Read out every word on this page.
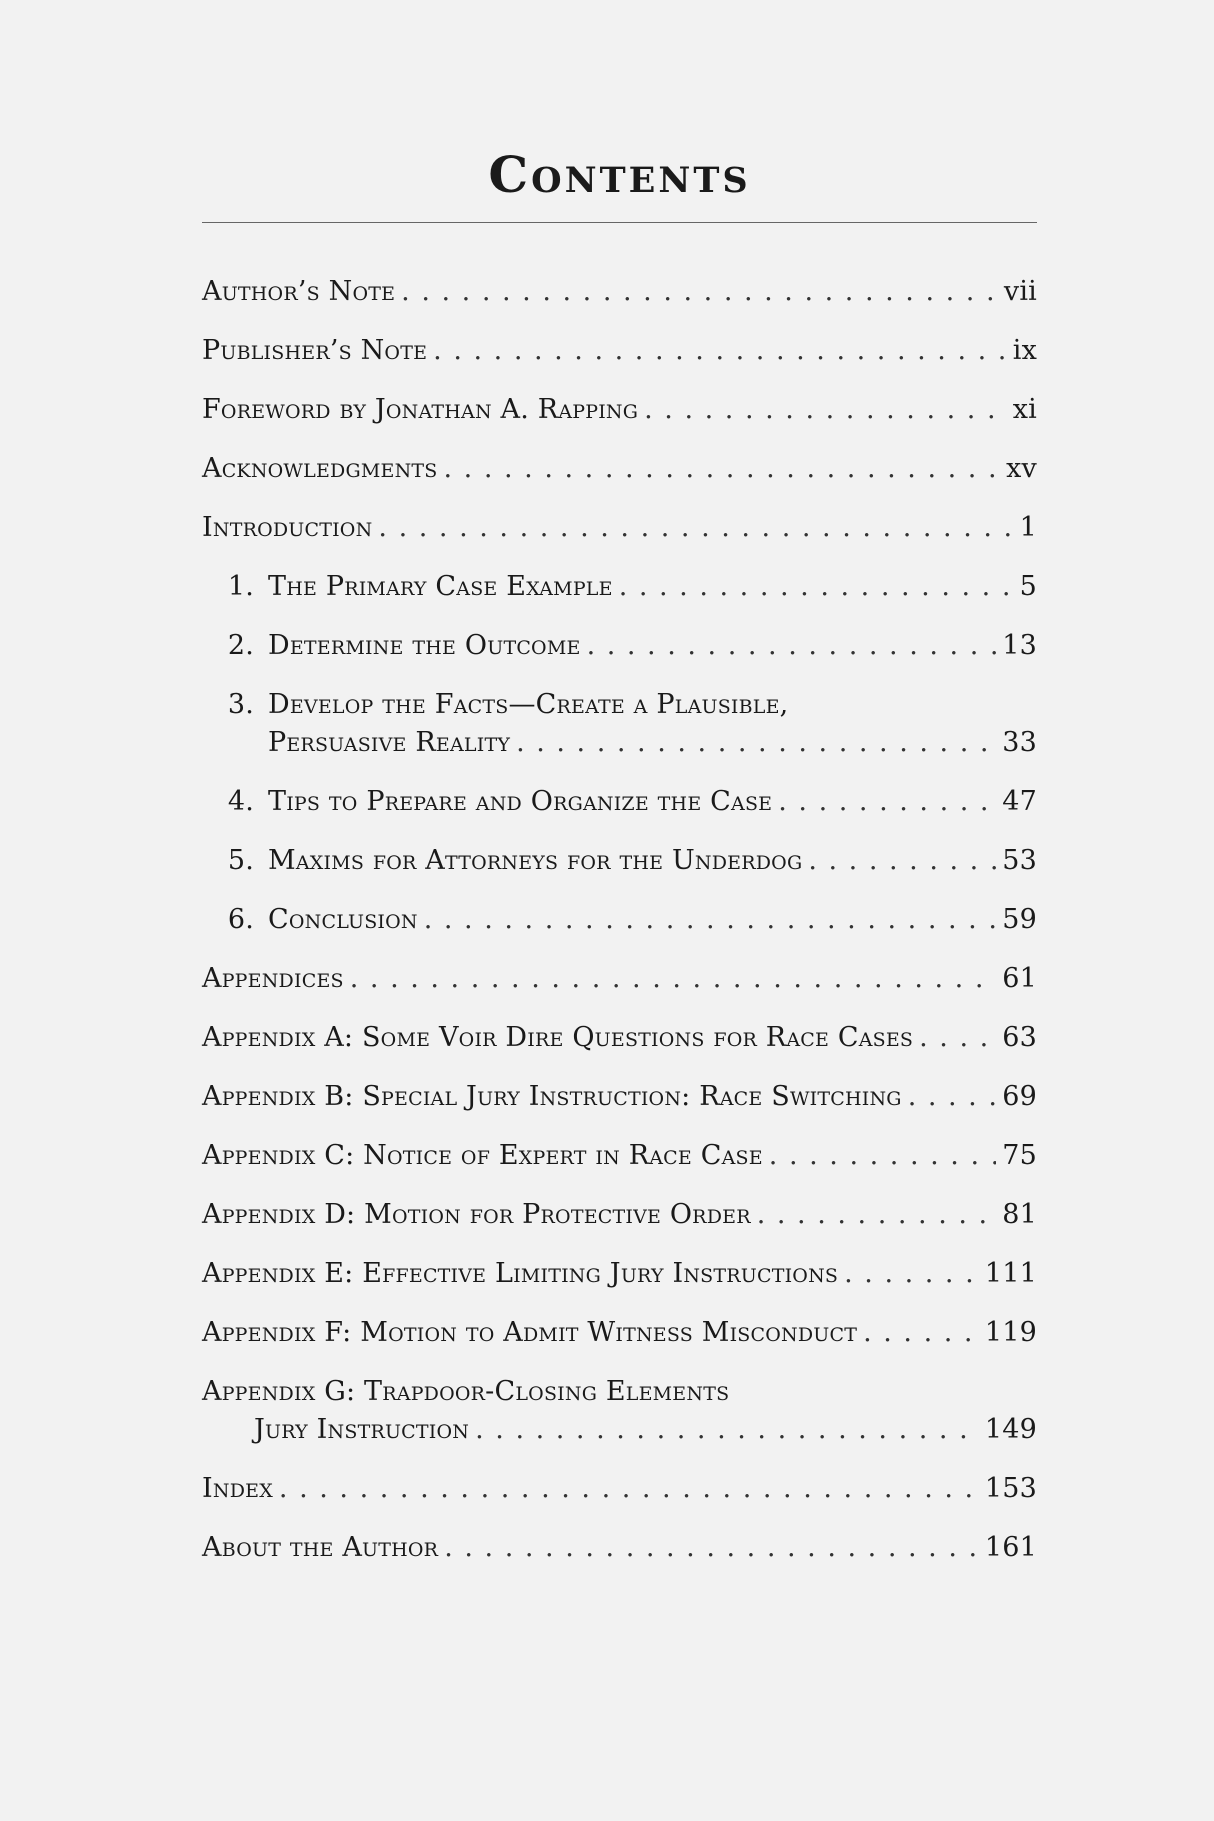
Contents
Author’s Note . . .	vii
Publisher’s Note . . .	ix
Foreword by Jonathan A. Rapping . . .	xi
Acknowledgments . . .	xv
Introduction . . .	1
1. The Primary Case Example . . .	5
2. Determine the Outcome . . .	13
3. Develop the Facts—Create a Plausible,
Persuasive Reality . . .	33
4. Tips to Prepare and Organize the Case . . .	47
5. Maxims for Attorneys for the Underdog . . .	53
6. Conclusion . . .	59
Appendices . . .	61
Appendix A: Some Voir Dire Questions for Race Cases . . .	63
Appendix B: Special Jury Instruction: Race Switching . . .	69
Appendix C: Notice of Expert in Race Case . . .	75
Appendix D: Motion for Protective Order . . .	81
Appendix E: Effective Limiting Jury Instructions . . .	111
Appendix F: Motion to Admit Witness Misconduct . . .	119
Appendix G: Trapdoor-Closing Elements
Jury Instruction . . .	149
Index . . .	153
About the Author . . .	161
